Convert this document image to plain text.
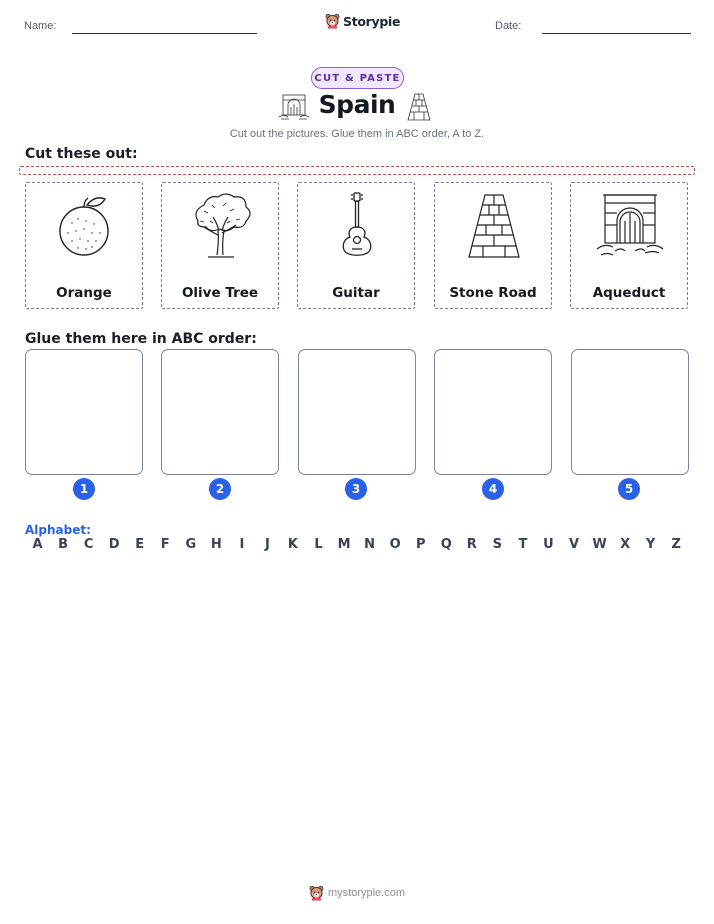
Name:	Storypie	Date:
CUT & PASTE
Spain
Cut out the pictures. Glue them in ABC order, A to Z.
Cut these out:
Orange	Olive Tree	Guitar	Stone Road	Aqueduct
Glue them here in ABC order:
1	2	3	4	5
Alphabet:
A	B	C	D	E	F	G	H	I	J	K	L	M	N	O	P	Q	R	S	T	U	V	W	X	Y	Z
mystorypie.com
